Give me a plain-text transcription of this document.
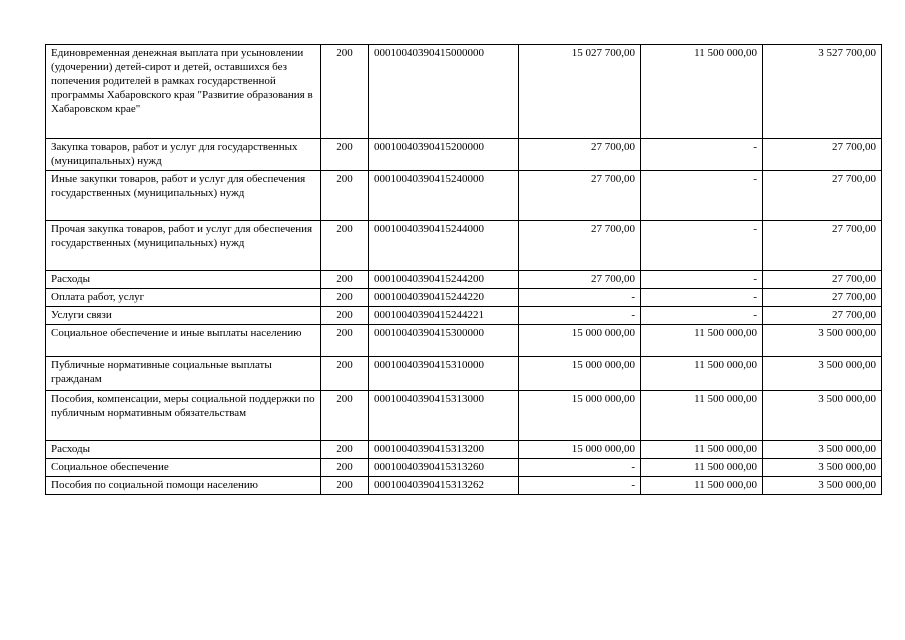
Единовременная денежная выплата при усыновлении (удочерении) детей-сирот и детей, оставшихся без попечения родителей в рамках государственной программы Хабаровского края "Развитие образования в Хабаровском крае"	200	00010040390415000000	15 027 700,00	11 500 000,00	3 527 700,00
Закупка товаров, работ и услуг для государственных (муниципальных) нужд	200	00010040390415200000	27 700,00	-	27 700,00
Иные закупки товаров, работ и услуг для обеспечения государственных (муниципальных) нужд	200	00010040390415240000	27 700,00	-	27 700,00
Прочая закупка товаров, работ и услуг для обеспечения государственных (муниципальных) нужд	200	00010040390415244000	27 700,00	-	27 700,00
Расходы	200	00010040390415244200	27 700,00	-	27 700,00
Оплата работ, услуг	200	00010040390415244220	-	-	27 700,00
Услуги связи	200	00010040390415244221	-	-	27 700,00
Социальное обеспечение и иные выплаты населению	200	00010040390415300000	15 000 000,00	11 500 000,00	3 500 000,00
Публичные нормативные социальные выплаты гражданам	200	00010040390415310000	15 000 000,00	11 500 000,00	3 500 000,00
Пособия, компенсации, меры социальной поддержки по публичным нормативным обязательствам	200	00010040390415313000	15 000 000,00	11 500 000,00	3 500 000,00
Расходы	200	00010040390415313200	15 000 000,00	11 500 000,00	3 500 000,00
Социальное обеспечение	200	00010040390415313260	-	11 500 000,00	3 500 000,00
Пособия по социальной помощи населению	200	00010040390415313262	-	11 500 000,00	3 500 000,00
